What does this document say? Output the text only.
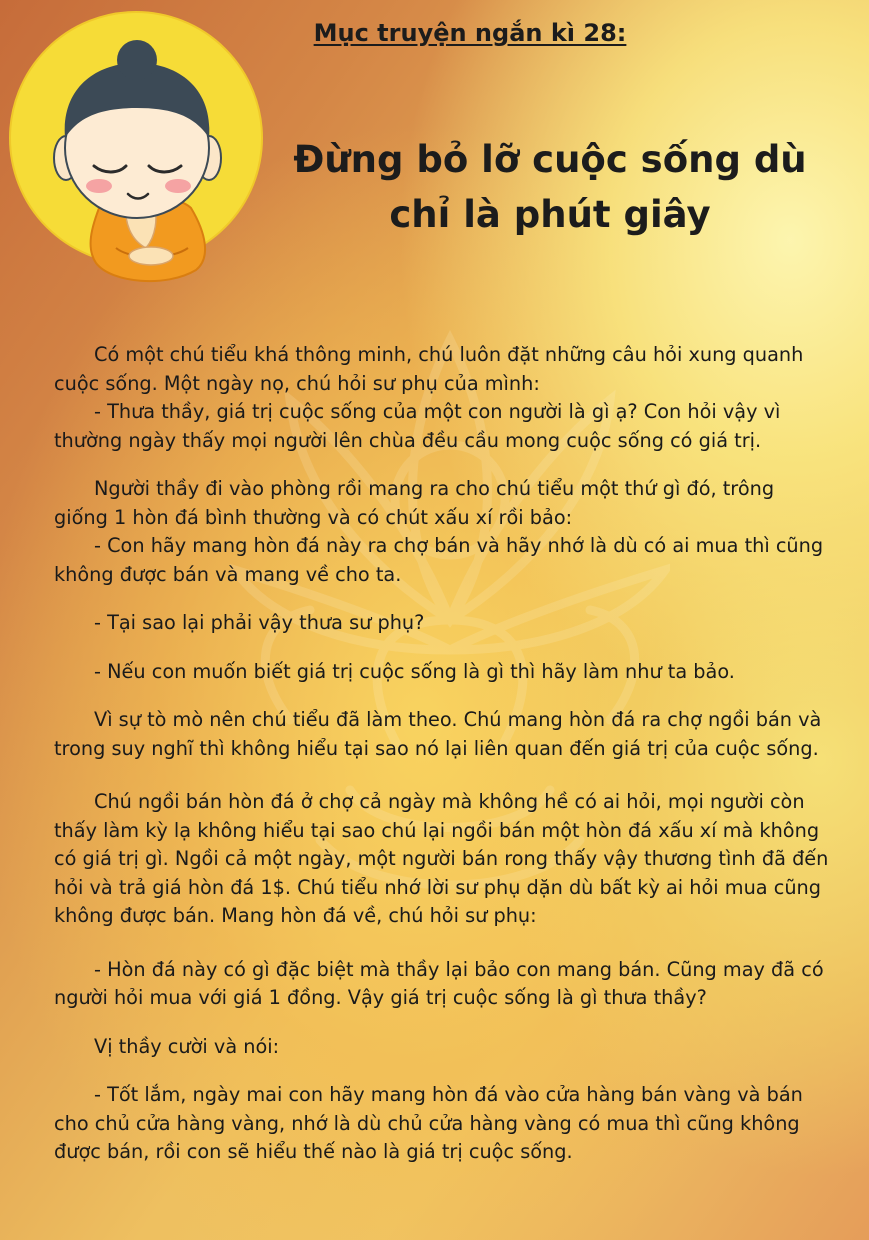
Mục truyện ngắn kì 28:
Đừng bỏ lỡ cuộc sống dù
chỉ là phút giây

Có một chú tiểu khá thông minh, chú luôn đặt những câu hỏi xung quanh cuộc sống. Một ngày nọ, chú hỏi sư phụ của mình:

- Thưa thầy, giá trị cuộc sống của một con người là gì ạ? Con hỏi vậy vì thường ngày thấy mọi người lên chùa đều cầu mong cuộc sống có giá trị.

Người thầy đi vào phòng rồi mang ra cho chú tiểu một thứ gì đó, trông giống 1 hòn đá bình thường và có chút xấu xí rồi bảo:

- Con hãy mang hòn đá này ra chợ bán và hãy nhớ là dù có ai mua thì cũng không được bán và mang về cho ta.

- Tại sao lại phải vậy thưa sư phụ?

- Nếu con muốn biết giá trị cuộc sống là gì thì hãy làm như ta bảo.

Vì sự tò mò nên chú tiểu đã làm theo. Chú mang hòn đá ra chợ ngồi bán và trong suy nghĩ thì không hiểu tại sao nó lại liên quan đến giá trị của cuộc sống.

Chú ngồi bán hòn đá ở chợ cả ngày mà không hề có ai hỏi, mọi người còn thấy làm kỳ lạ không hiểu tại sao chú lại ngồi bán một hòn đá xấu xí mà không có giá trị gì. Ngồi cả một ngày, một người bán rong thấy vậy thương tình đã đến hỏi và trả giá hòn đá 1$. Chú tiểu nhớ lời sư phụ dặn dù bất kỳ ai hỏi mua cũng không được bán. Mang hòn đá về, chú hỏi sư phụ:

- Hòn đá này có gì đặc biệt mà thầy lại bảo con mang bán. Cũng may đã có người hỏi mua với giá 1 đồng. Vậy giá trị cuộc sống là gì thưa thầy?

Vị thầy cười và nói:

- Tốt lắm, ngày mai con hãy mang hòn đá vào cửa hàng bán vàng và bán cho chủ cửa hàng vàng, nhớ là dù chủ cửa hàng vàng có mua thì cũng không được bán, rồi con sẽ hiểu thế nào là giá trị cuộc sống.
